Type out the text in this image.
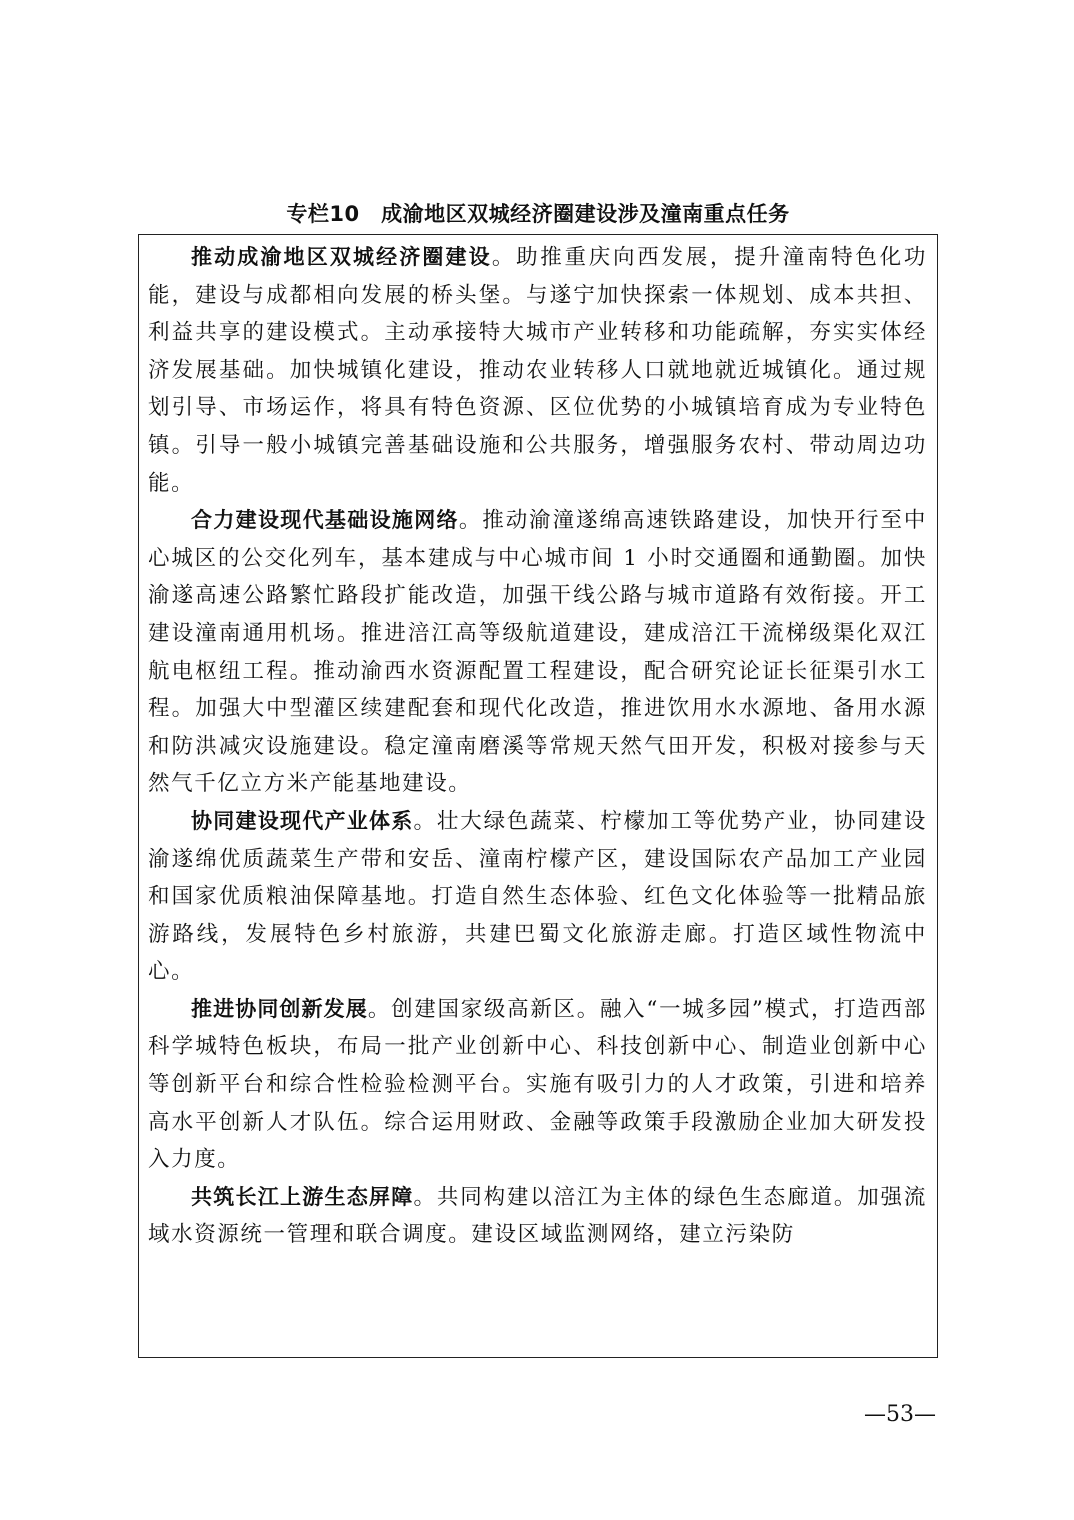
专栏10　成渝地区双城经济圈建设涉及潼南重点任务

推动成渝地区双城经济圈建设。助推重庆向西发展，提升潼南特色化功能，建设与成都相向发展的桥头堡。与遂宁加快探索一体规划、成本共担、利益共享的建设模式。主动承接特大城市产业转移和功能疏解，夯实实体经济发展基础。加快城镇化建设，推动农业转移人口就地就近城镇化。通过规划引导、市场运作，将具有特色资源、区位优势的小城镇培育成为专业特色镇。引导一般小城镇完善基础设施和公共服务，增强服务农村、带动周边功能。

合力建设现代基础设施网络。推动渝潼遂绵高速铁路建设，加快开行至中心城区的公交化列车，基本建成与中心城市间 1 小时交通圈和通勤圈。加快渝遂高速公路繁忙路段扩能改造，加强干线公路与城市道路有效衔接。开工建设潼南通用机场。推进涪江高等级航道建设，建成涪江干流梯级渠化双江航电枢纽工程。推动渝西水资源配置工程建设，配合研究论证长征渠引水工程。加强大中型灌区续建配套和现代化改造，推进饮用水水源地、备用水源和防洪减灾设施建设。稳定潼南磨溪等常规天然气田开发，积极对接参与天然气千亿立方米产能基地建设。

协同建设现代产业体系。壮大绿色蔬菜、柠檬加工等优势产业，协同建设渝遂绵优质蔬菜生产带和安岳、潼南柠檬产区，建设国际农产品加工产业园和国家优质粮油保障基地。打造自然生态体验、红色文化体验等一批精品旅游路线，发展特色乡村旅游，共建巴蜀文化旅游走廊。打造区域性物流中心。

推进协同创新发展。创建国家级高新区。融入“一城多园”模式，打造西部科学城特色板块，布局一批产业创新中心、科技创新中心、制造业创新中心等创新平台和综合性检验检测平台。实施有吸引力的人才政策，引进和培养高水平创新人才队伍。综合运用财政、金融等政策手段激励企业加大研发投入力度。

共筑长江上游生态屏障。共同构建以涪江为主体的绿色生态廊道。加强流域水资源统一管理和联合调度。建设区域监测网络，建立污染防

—53—
